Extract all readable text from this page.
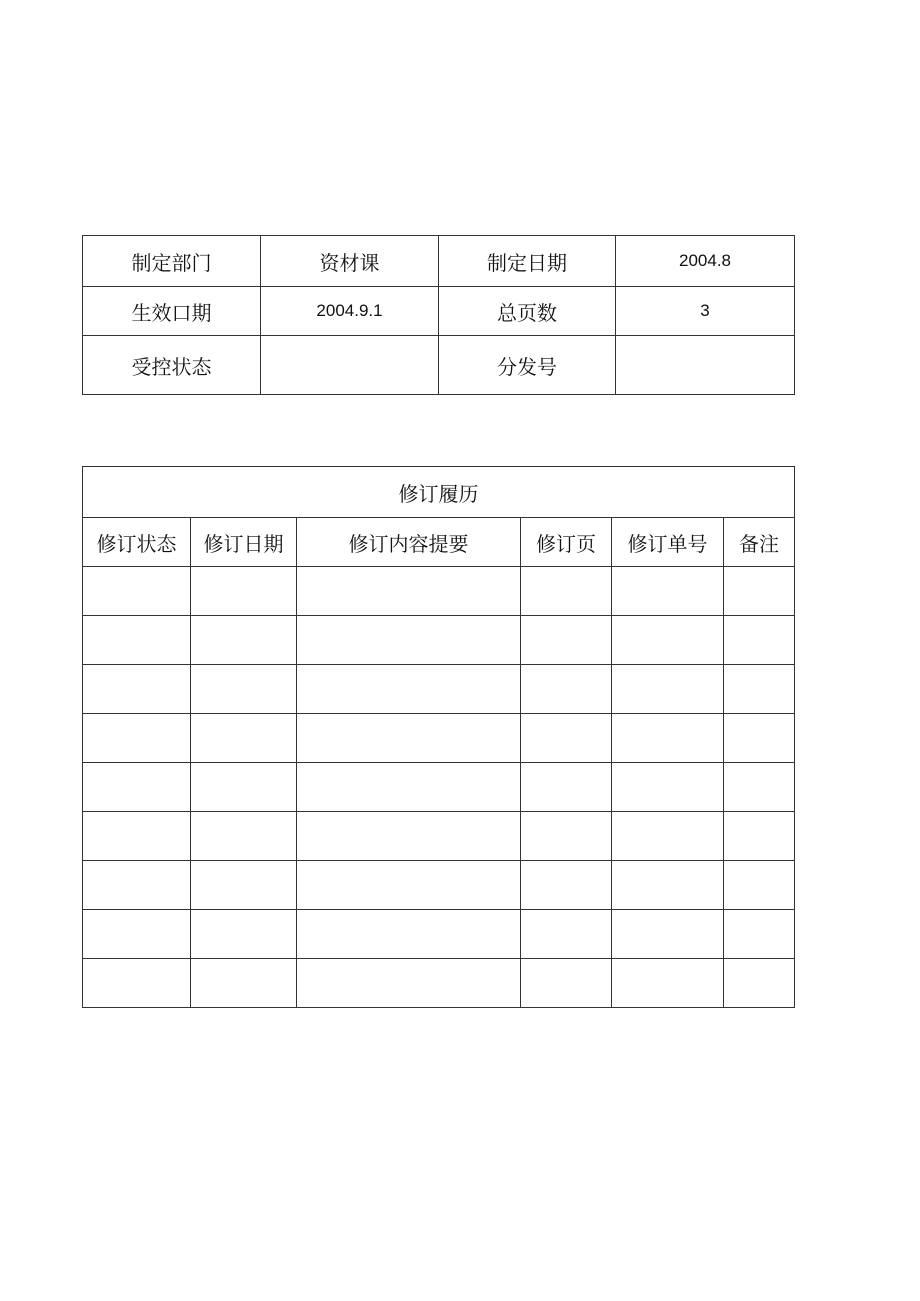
制定部门	资材课	制定日期	2004.8
生效口期	2004.9.1	总页数	3
受控状态		分发号	
修订履历					
修订状态	修订日期	修订内容提要	修订页	修订单号	备注
